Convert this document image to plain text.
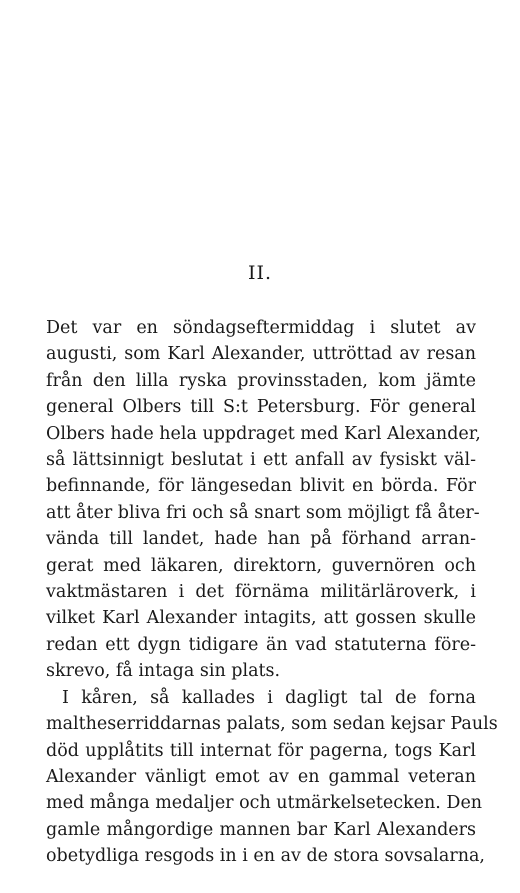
II.
Det var en söndagseftermiddag i slutet av
augusti, som Karl Alexander, uttröttad av resan
från den lilla ryska provinsstaden, kom jämte
general Olbers till S:t Petersburg. För general
Olbers hade hela uppdraget med Karl Alexander,
så lättsinnigt beslutat i ett anfall av fysiskt väl-
befinnande, för längesedan blivit en börda. För
att åter bliva fri och så snart som möjligt få åter-
vända till landet, hade han på förhand arran-
gerat med läkaren, direktorn, guvernören och
vaktmästaren i det förnäma militärläroverk, i
vilket Karl Alexander intagits, att gossen skulle
redan ett dygn tidigare än vad statuterna före-
skrevo, få intaga sin plats.
I kåren, så kallades i dagligt tal de forna
maltheserriddarnas palats, som sedan kejsar Pauls
död upplåtits till internat för pagerna, togs Karl
Alexander vänligt emot av en gammal veteran
med många medaljer och utmärkelsetecken. Den
gamle mångordige mannen bar Karl Alexanders
obetydliga resgods in i en av de stora sovsalarna,
